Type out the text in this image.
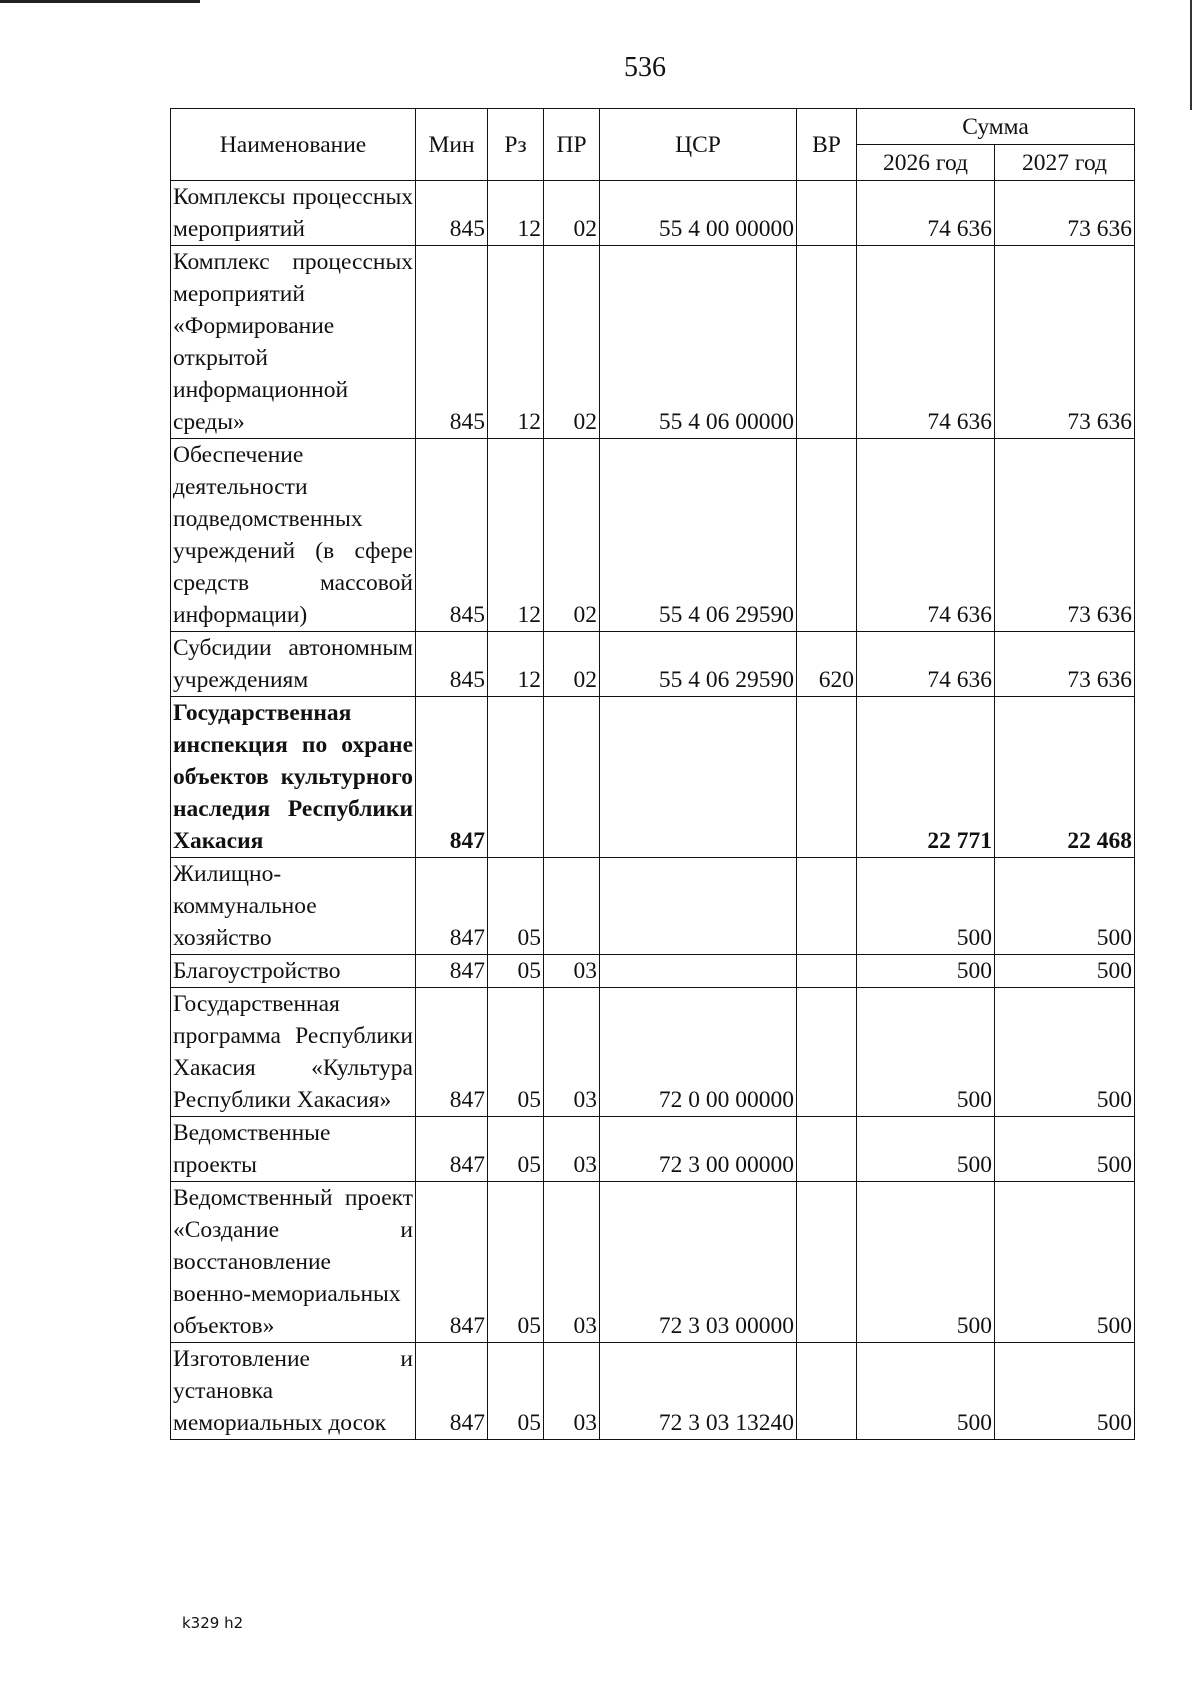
536
Наименование	Мин	Рз	ПР	ЦСР	ВР	Сумма	
						2026 год	2027 год
Комплексы процессных мероприятий	845	12	02	55 4 00 00000		74 636	73 636
Комплекс процессных мероприятий «Формирование открытой информационной среды»	845	12	02	55 4 06 00000		74 636	73 636
Обеспечение деятельности подведомственных учреждений (в сфере средств массовой информации)	845	12	02	55 4 06 29590		74 636	73 636
Субсидии автономным учреждениям	845	12	02	55 4 06 29590	620	74 636	73 636
Государственная инспекция по охране объектов культурного наследия Республики Хакасия	847					22 771	22 468
Жилищно-коммунальное хозяйство	847	05				500	500
Благоустройство	847	05	03			500	500
Государственная программа Республики Хакасия «Культура Республики Хакасия»	847	05	03	72 0 00 00000		500	500
Ведомственные проекты	847	05	03	72 3 00 00000		500	500
Ведомственный проект «Создание и восстановление военно-мемориальных объектов»	847	05	03	72 3 03 00000		500	500
Изготовление и установка мемориальных досок	847	05	03	72 3 03 13240		500	500
k329 h2
